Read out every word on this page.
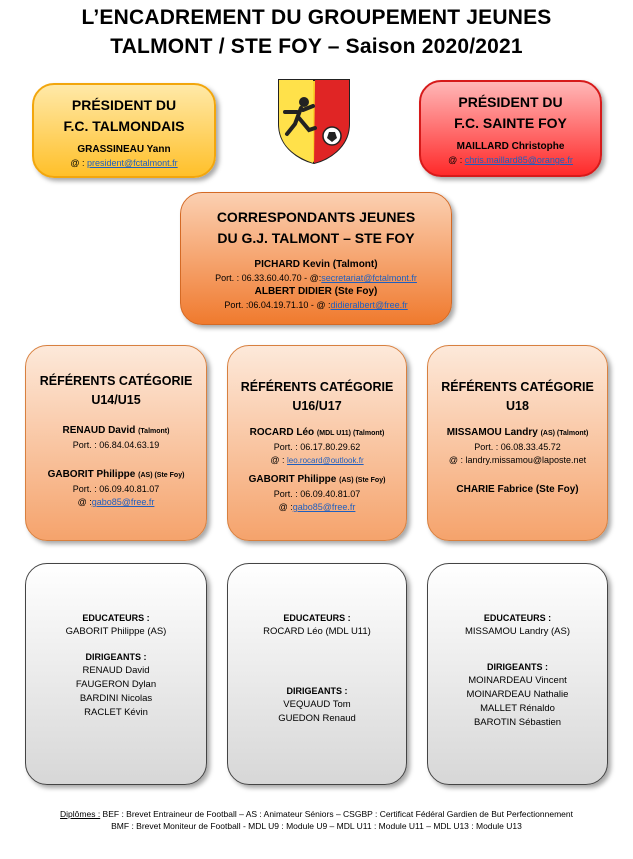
L’ENCADREMENT DU GROUPEMENT JEUNES
TALMONT / STE FOY – Saison 2020/2021
PRÉSIDENT DU
F.C. TALMONDAIS
GRASSINEAU Yann
@ : president@fctalmont.fr
PRÉSIDENT DU
F.C. SAINTE FOY
MAILLARD Christophe
@ : chris.maillard85@orange.fr
CORRESPONDANTS JEUNES
DU G.J. TALMONT – STE FOY
PICHARD Kevin (Talmont)
Port. : 06.33.60.40.70 - @:secretariat@fctalmont.fr
ALBERT DIDIER (Ste Foy)
Port. :06.04.19.71.10 - @ :didieralbert@free.fr
RÉFÉRENTS CATÉGORIE
U14/U15
RENAUD David (Talmont)
Port. : 06.84.04.63.19
GABORIT Philippe (AS) (Ste Foy)
Port. : 06.09.40.81.07
@ :gabo85@free.fr
RÉFÉRENTS CATÉGORIE
U16/U17
ROCARD Léo (MDL U11) (Talmont)
Port. : 06.17.80.29.62
@ : leo.rocard@outlook.fr
GABORIT Philippe (AS) (Ste Foy)
Port. : 06.09.40.81.07
@ :gabo85@free.fr
RÉFÉRENTS CATÉGORIE
U18
MISSAMOU Landry (AS) (Talmont)
Port. : 06.08.33.45.72
@ : landry.missamou@laposte.net
CHARIE Fabrice (Ste Foy)
EDUCATEURS :
GABORIT Philippe (AS)
DIRIGEANTS :
RENAUD David
FAUGERON Dylan
BARDINI Nicolas
RACLET Kévin
EDUCATEURS :
ROCARD Léo (MDL U11)
DIRIGEANTS :
VEQUAUD Tom
GUEDON Renaud
EDUCATEURS :
MISSAMOU Landry (AS)
DIRIGEANTS :
MOINARDEAU Vincent
MOINARDEAU Nathalie
MALLET Rénaldo
BAROTIN Sébastien
Diplômes : BEF : Brevet Entraineur de Football – AS : Animateur Séniors – CSGBP : Certificat Fédéral Gardien de But Perfectionnement
BMF : Brevet Moniteur de Football - MDL U9 : Module U9 – MDL U11 : Module U11 – MDL U13 : Module U13
